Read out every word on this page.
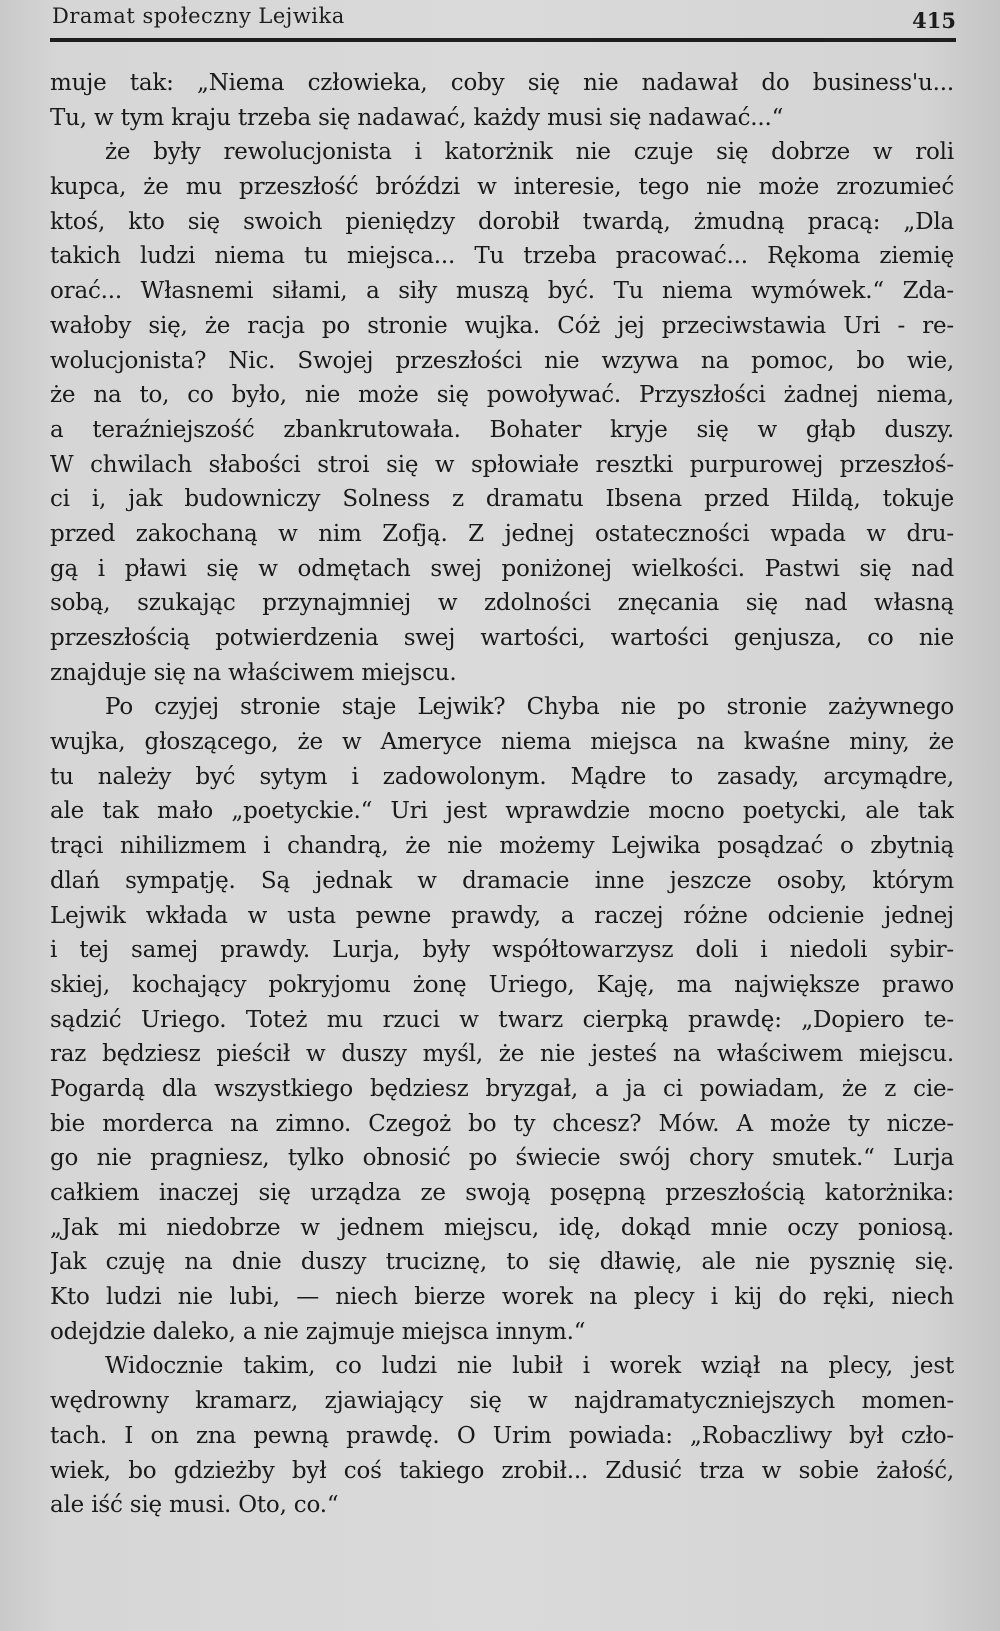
Dramat społeczny Lejwika	415
muje tak: „Niema człowieka, coby się nie nadawał do business'u...
Tu, w tym kraju trzeba się nadawać, każdy musi się nadawać...“
że były rewolucjonista i katorżnik nie czuje się dobrze w roli
kupca, że mu przeszłość bróździ w interesie, tego nie może zrozumieć
ktoś, kto się swoich pieniędzy dorobił twardą, żmudną pracą: „Dla
takich ludzi niema tu miejsca... Tu trzeba pracować... Rękoma ziemię
orać... Własnemi siłami, a siły muszą być. Tu niema wymówek.“ Zda-
wałoby się, że racja po stronie wujka. Cóż jej przeciwstawia Uri - re-
wolucjonista? Nic. Swojej przeszłości nie wzywa na pomoc, bo wie,
że na to, co było, nie może się powoływać. Przyszłości żadnej niema,
a teraźniejszość zbankrutowała. Bohater kryje się w głąb duszy.
W chwilach słabości stroi się w spłowiałe resztki purpurowej przeszłoś-
ci i, jak budowniczy Solness z dramatu Ibsena przed Hildą, tokuje
przed zakochaną w nim Zofją. Z jednej ostateczności wpada w dru-
gą i pławi się w odmętach swej poniżonej wielkości. Pastwi się nad
sobą, szukając przynajmniej w zdolności znęcania się nad własną
przeszłością potwierdzenia swej wartości, wartości genjusza, co nie
znajduje się na właściwem miejscu.
Po czyjej stronie staje Lejwik? Chyba nie po stronie zażywnego
wujka, głoszącego, że w Ameryce niema miejsca na kwaśne miny, że
tu należy być sytym i zadowolonym. Mądre to zasady, arcymądre,
ale tak mało „poetyckie.“ Uri jest wprawdzie mocno poetycki, ale tak
trąci nihilizmem i chandrą, że nie możemy Lejwika posądzać o zbytnią
dlań sympatję. Są jednak w dramacie inne jeszcze osoby, którym
Lejwik wkłada w usta pewne prawdy, a raczej różne odcienie jednej
i tej samej prawdy. Lurja, były współtowarzysz doli i niedoli sybir-
skiej, kochający pokryjomu żonę Uriego, Kaję, ma największe prawo
sądzić Uriego. Toteż mu rzuci w twarz cierpką prawdę: „Dopiero te-
raz będziesz pieścił w duszy myśl, że nie jesteś na właściwem miejscu.
Pogardą dla wszystkiego będziesz bryzgał, a ja ci powiadam, że z cie-
bie morderca na zimno. Czegoż bo ty chcesz? Mów. A może ty nicze-
go nie pragniesz, tylko obnosić po świecie swój chory smutek.“ Lurja
całkiem inaczej się urządza ze swoją posępną przeszłością katorżnika:
„Jak mi niedobrze w jednem miejscu, idę, dokąd mnie oczy poniosą.
Jak czuję na dnie duszy truciznę, to się dławię, ale nie pysznię się.
Kto ludzi nie lubi, — niech bierze worek na plecy i kij do ręki, niech
odejdzie daleko, a nie zajmuje miejsca innym.“
Widocznie takim, co ludzi nie lubił i worek wziął na plecy, jest
wędrowny kramarz, zjawiający się w najdramatyczniejszych momen-
tach. I on zna pewną prawdę. O Urim powiada: „Robaczliwy był czło-
wiek, bo gdzieżby był coś takiego zrobił... Zdusić trza w sobie żałość,
ale iść się musi. Oto, co.“
